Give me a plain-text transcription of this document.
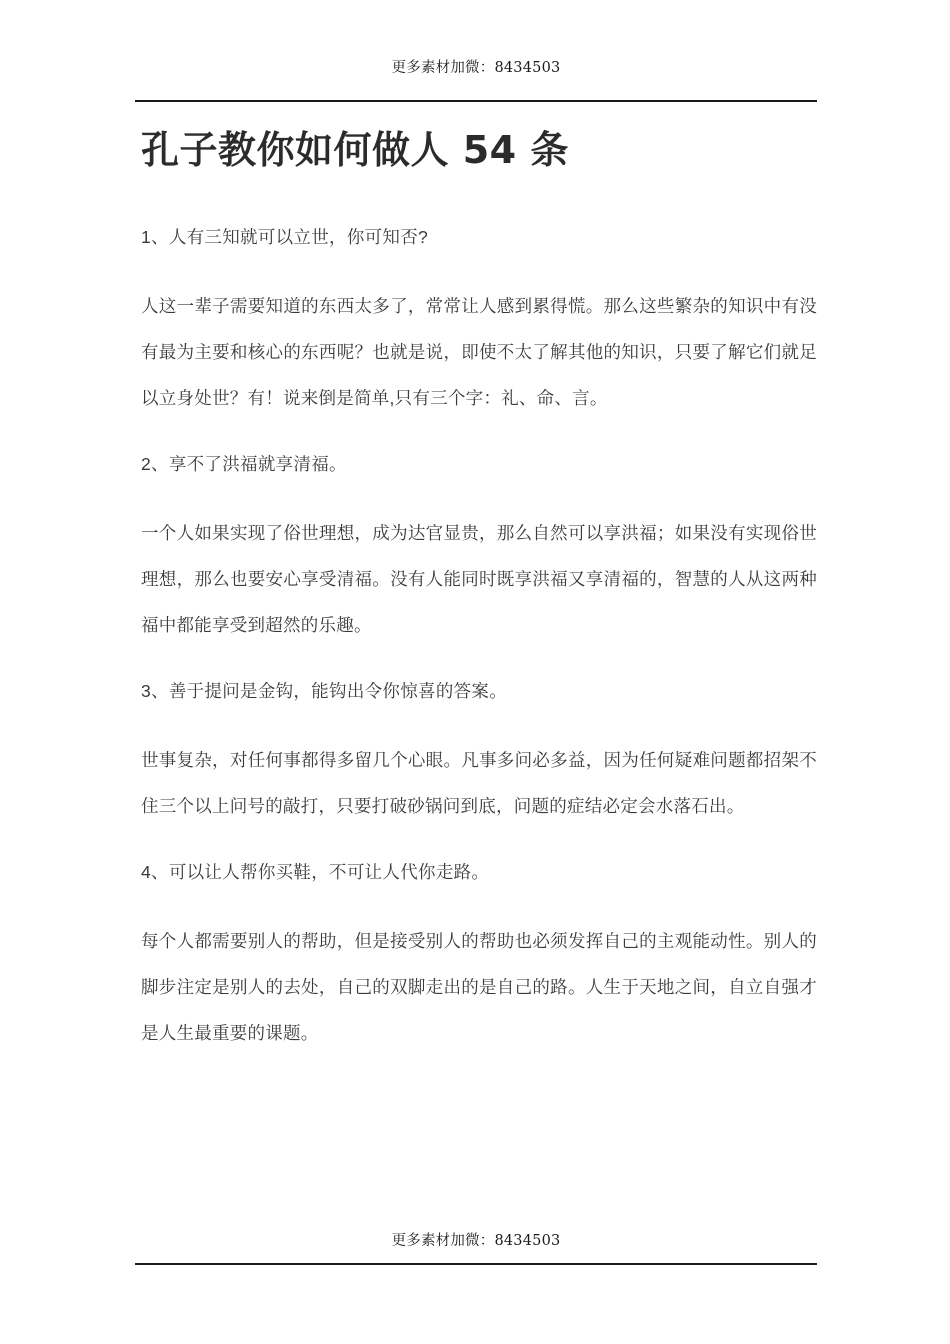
更多素材加微：8434503
孔子教你如何做人 54 条

1、人有三知就可以立世，你可知否?

人这一辈子需要知道的东西太多了，常常让人感到累得慌。那么这些繁杂的知识中有没有最为主要和核心的东西呢？也就是说，即使不太了解其他的知识，只要了解它们就足以立身处世？有！说来倒是简单,只有三个字：礼、命、言。

2、享不了洪福就享清福。

一个人如果实现了俗世理想，成为达官显贵，那么自然可以享洪福；如果没有实现俗世理想，那么也要安心享受清福。没有人能同时既享洪福又享清福的，智慧的人从这两种福中都能享受到超然的乐趣。

3、善于提问是金钩，能钩出令你惊喜的答案。

世事复杂，对任何事都得多留几个心眼。凡事多问必多益，因为任何疑难问题都招架不住三个以上问号的敲打，只要打破砂锅问到底，问题的症结必定会水落石出。

4、可以让人帮你买鞋，不可让人代你走路。

每个人都需要别人的帮助，但是接受别人的帮助也必须发挥自己的主观能动性。别人的脚步注定是别人的去处，自己的双脚走出的是自己的路。人生于天地之间，自立自强才是人生最重要的课题。

更多素材加微：8434503
